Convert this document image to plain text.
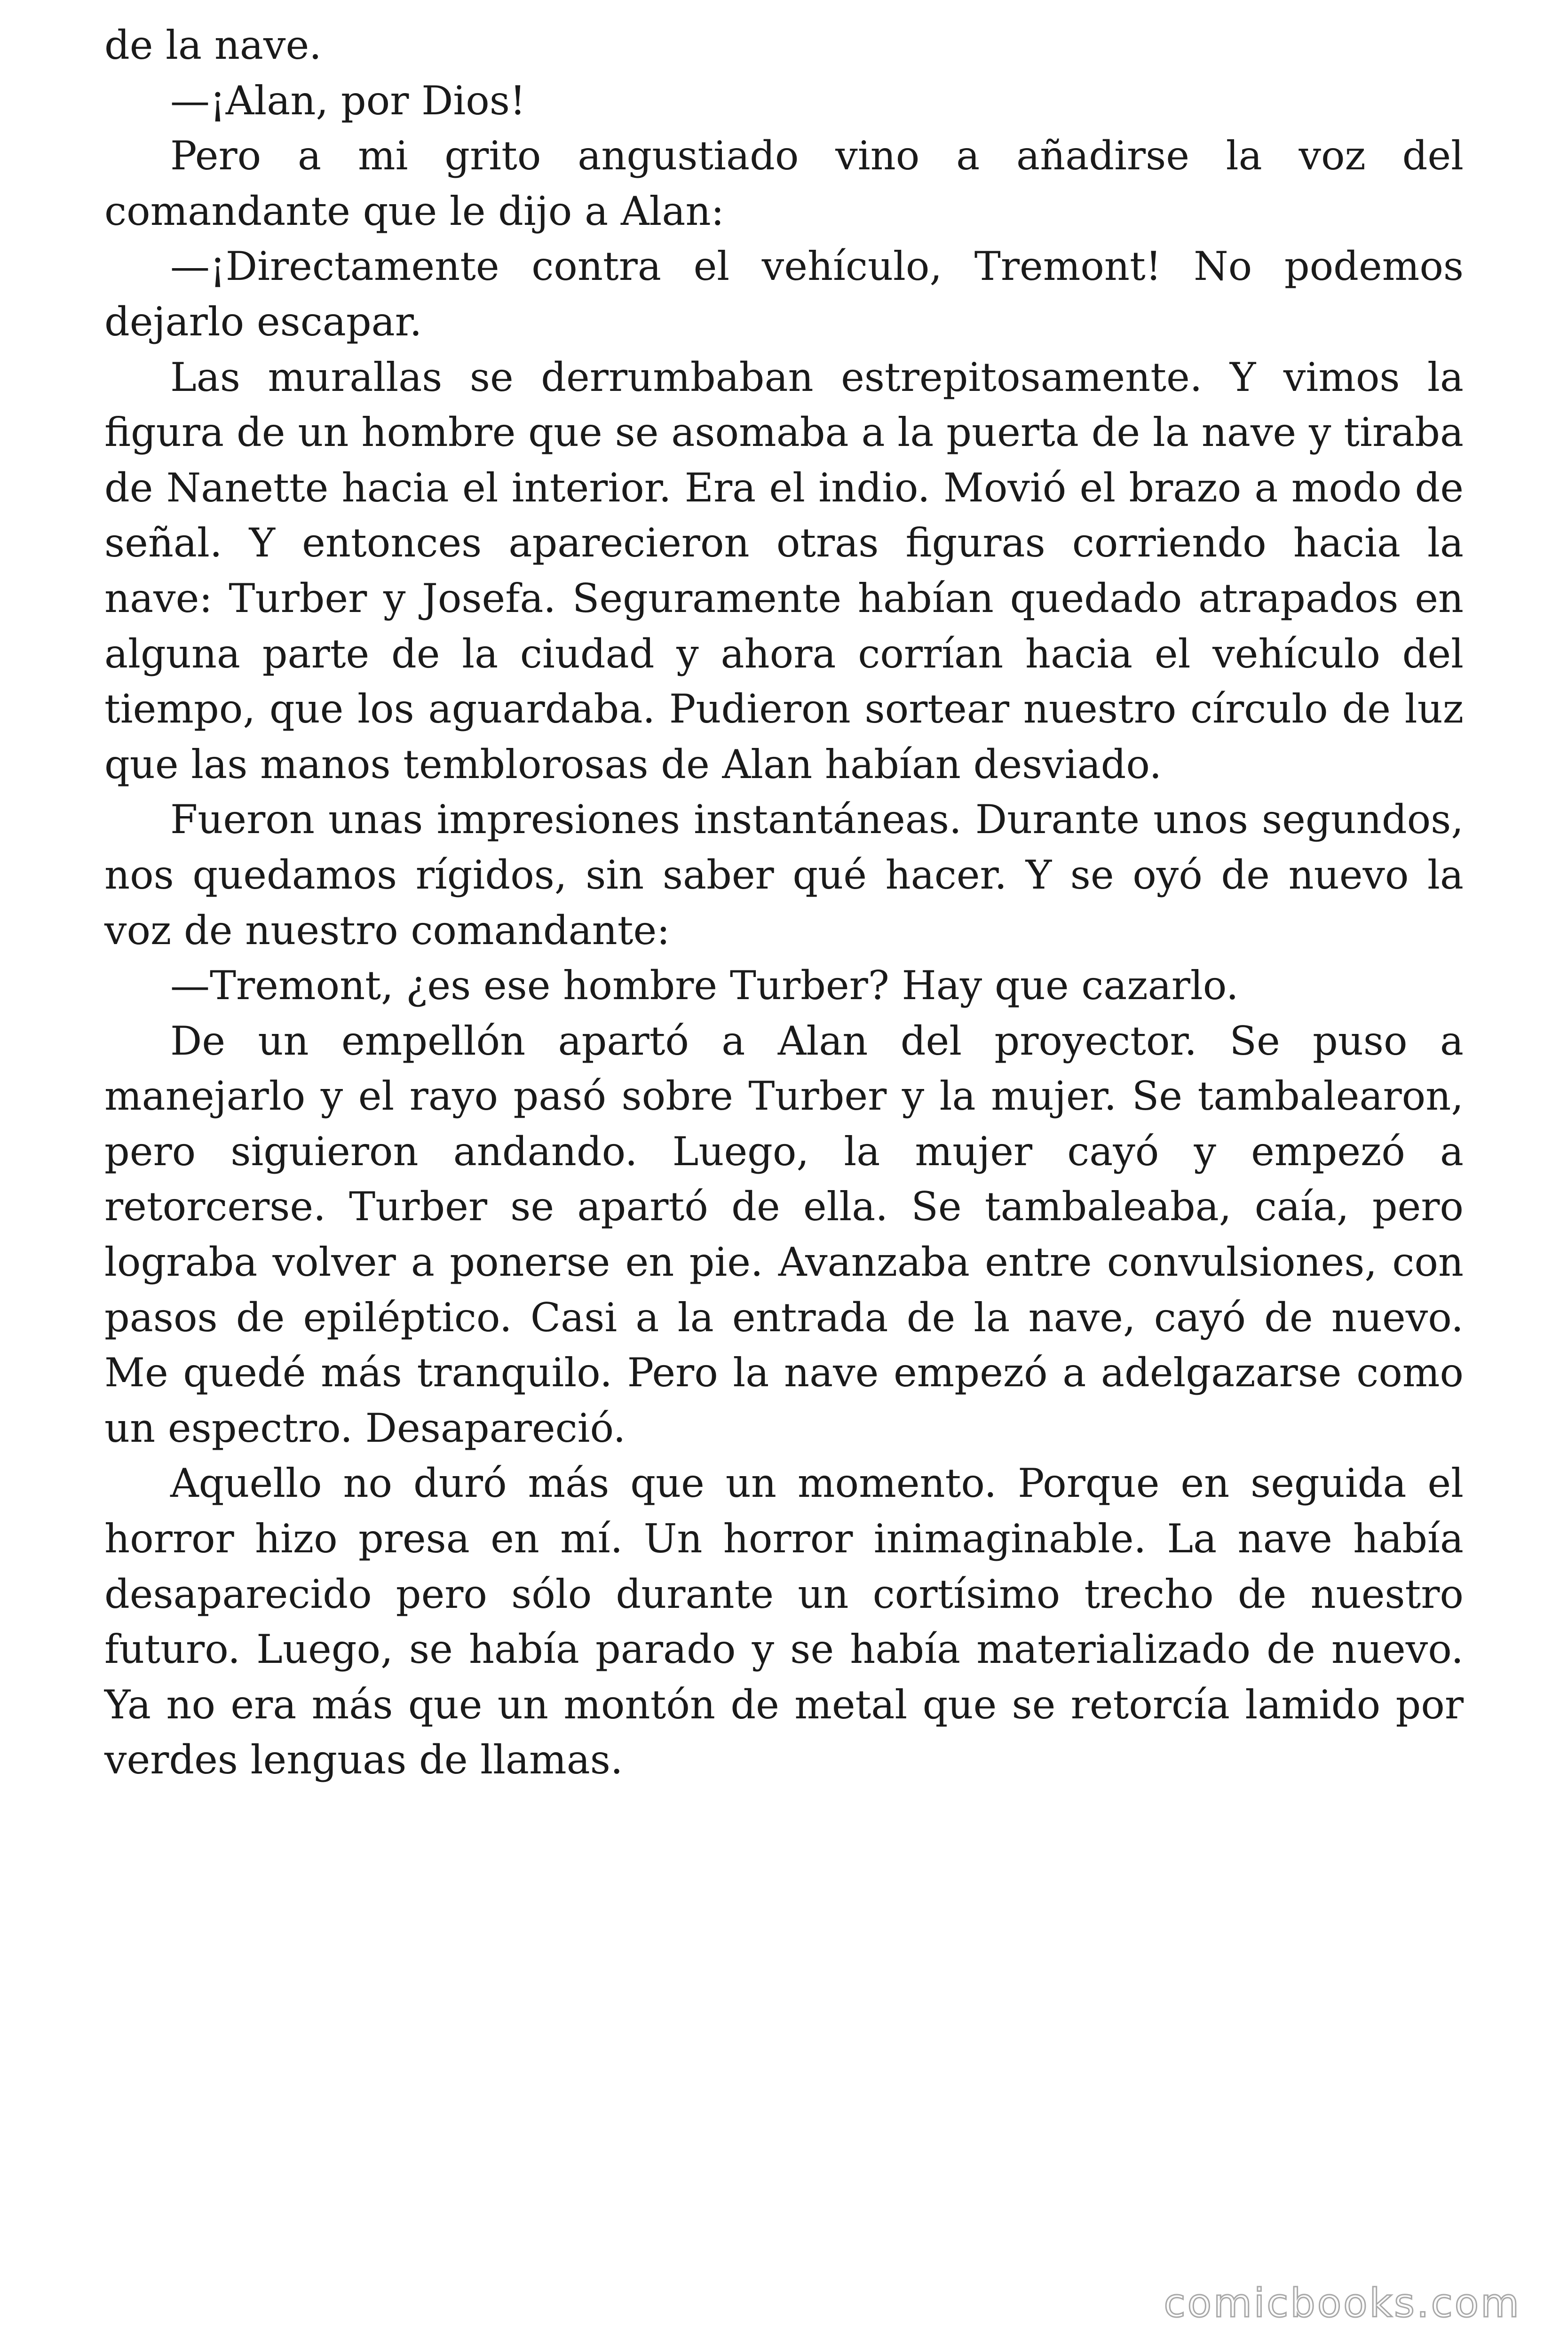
de la nave.

—¡Alan, por Dios!

Pero a mi grito angustiado vino a añadirse la voz del comandante que le dijo a Alan:

—¡Directamente contra el vehículo, Tremont! No podemos dejarlo escapar.

Las murallas se derrumbaban estrepitosamente. Y vimos la figura de un hombre que se asomaba a la puerta de la nave y tiraba de Nanette hacia el interior. Era el indio. Movió el brazo a modo de señal. Y entonces aparecieron otras figuras corriendo hacia la nave: Turber y Josefa. Seguramente habían quedado atrapados en alguna parte de la ciudad y ahora corrían hacia el vehículo del tiempo, que los aguardaba. Pudieron sortear nuestro círculo de luz que las manos temblorosas de Alan habían desviado.

Fueron unas impresiones instantáneas. Durante unos segundos, nos quedamos rígidos, sin saber qué hacer. Y se oyó de nuevo la voz de nuestro comandante:

—Tremont, ¿es ese hombre Turber? Hay que cazarlo.

De un empellón apartó a Alan del proyector. Se puso a manejarlo y el rayo pasó sobre Turber y la mujer. Se tambalearon, pero siguieron andando. Luego, la mujer cayó y empezó a retorcerse. Turber se apartó de ella. Se tambaleaba, caía, pero lograba volver a ponerse en pie. Avanzaba entre convulsiones, con pasos de epiléptico. Casi a la entrada de la nave, cayó de nuevo. Me quedé más tranquilo. Pero la nave empezó a adelgazarse como un espectro. Desapareció.

Aquello no duró más que un momento. Porque en seguida el horror hizo presa en mí. Un horror inimaginable. La nave había desaparecido pero sólo durante un cortísimo trecho de nuestro futuro. Luego, se había parado y se había materializado de nuevo. Ya no era más que un montón de metal que se retorcía lamido por verdes lenguas de llamas.

comicbooks.com
